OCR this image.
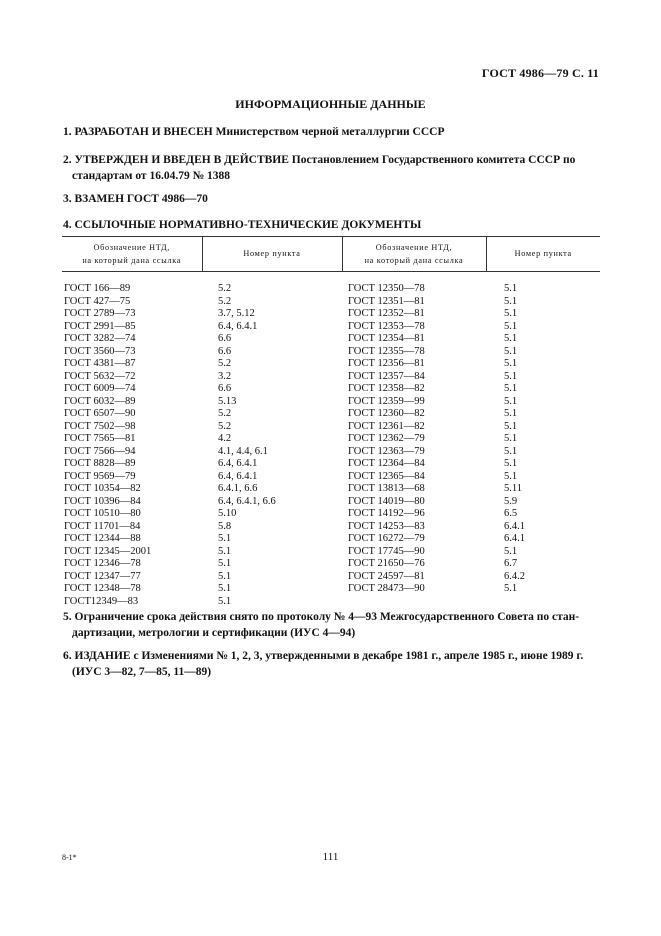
ГОСТ 4986—79 С. 11
ИНФОРМАЦИОННЫЕ ДАННЫЕ
1. РАЗРАБОТАН И ВНЕСЕН Министерством черной металлургии СССР
2. УТВЕРЖДЕН И ВВЕДЕН В ДЕЙСТВИЕ Постановлением Государственного комитета СССР по
стандартам от 16.04.79 № 1388
3. ВЗАМЕН ГОСТ 4986—70
4. ССЫЛОЧНЫЕ НОРМАТИВНО-ТЕХНИЧЕСКИЕ ДОКУМЕНТЫ
Обозначение НТД,
на который дана ссылка	Номер пункта	Обозначение НТД,
на который дана ссылка	Номер пункта
ГОСТ 166—89	5.2	ГОСТ 12350—78	5.1
ГОСТ 427—75	5.2	ГОСТ 12351—81	5.1
ГОСТ 2789—73	3.7, 5.12	ГОСТ 12352—81	5.1
ГОСТ 2991—85	6.4, 6.4.1	ГОСТ 12353—78	5.1
ГОСТ 3282—74	6.6	ГОСТ 12354—81	5.1
ГОСТ 3560—73	6.6	ГОСТ 12355—78	5.1
ГОСТ 4381—87	5.2	ГОСТ 12356—81	5.1
ГОСТ 5632—72	3.2	ГОСТ 12357—84	5.1
ГОСТ 6009—74	6.6	ГОСТ 12358—82	5.1
ГОСТ 6032—89	5.13	ГОСТ 12359—99	5.1
ГОСТ 6507—90	5.2	ГОСТ 12360—82	5.1
ГОСТ 7502—98	5.2	ГОСТ 12361—82	5.1
ГОСТ 7565—81	4.2	ГОСТ 12362—79	5.1
ГОСТ 7566—94	4.1, 4.4, 6.1	ГОСТ 12363—79	5.1
ГОСТ 8828—89	6.4, 6.4.1	ГОСТ 12364—84	5.1
ГОСТ 9569—79	6.4, 6.4.1	ГОСТ 12365—84	5.1
ГОСТ 10354—82	6.4.1, 6.6	ГОСТ 13813—68	5.11
ГОСТ 10396—84	6.4, 6.4.1, 6.6	ГОСТ 14019—80	5.9
ГОСТ 10510—80	5.10	ГОСТ 14192—96	6.5
ГОСТ 11701—84	5.8	ГОСТ 14253—83	6.4.1
ГОСТ 12344—88	5.1	ГОСТ 16272—79	6.4.1
ГОСТ 12345—2001	5.1	ГОСТ 17745—90	5.1
ГОСТ 12346—78	5.1	ГОСТ 21650—76	6.7
ГОСТ 12347—77	5.1	ГОСТ 24597—81	6.4.2
ГОСТ 12348—78	5.1	ГОСТ 28473—90	5.1
ГОСТ12349—83	5.1		
5. Ограничение срока действия снято по протоколу № 4—93 Межгосударственного Совета по стан-
дартизации, метрологии и сертификации (ИУС 4—94)
6. ИЗДАНИЕ с Изменениями № 1, 2, 3, утвержденными в декабре 1981 г., апреле 1985 г., июне 1989 г.
(ИУС 3—82, 7—85, 11—89)
8-1*	111
